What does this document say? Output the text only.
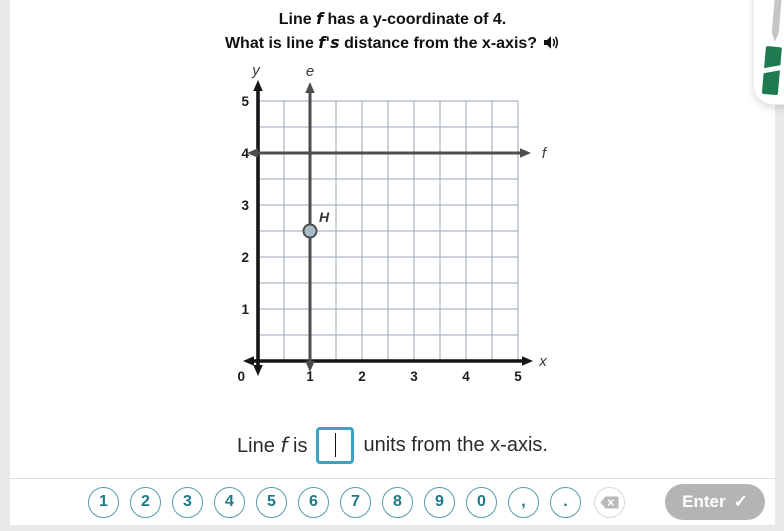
Line f has a y-coordinate of 4.
What is line f's distance from the x-axis?
f
e
H
1
2
3
4
5
1	2	3	4	5
0
y
x
Line f is	units from the x-axis.
1	2	3	4	5	6	7	8	9	0	,	.	Enter ✓
